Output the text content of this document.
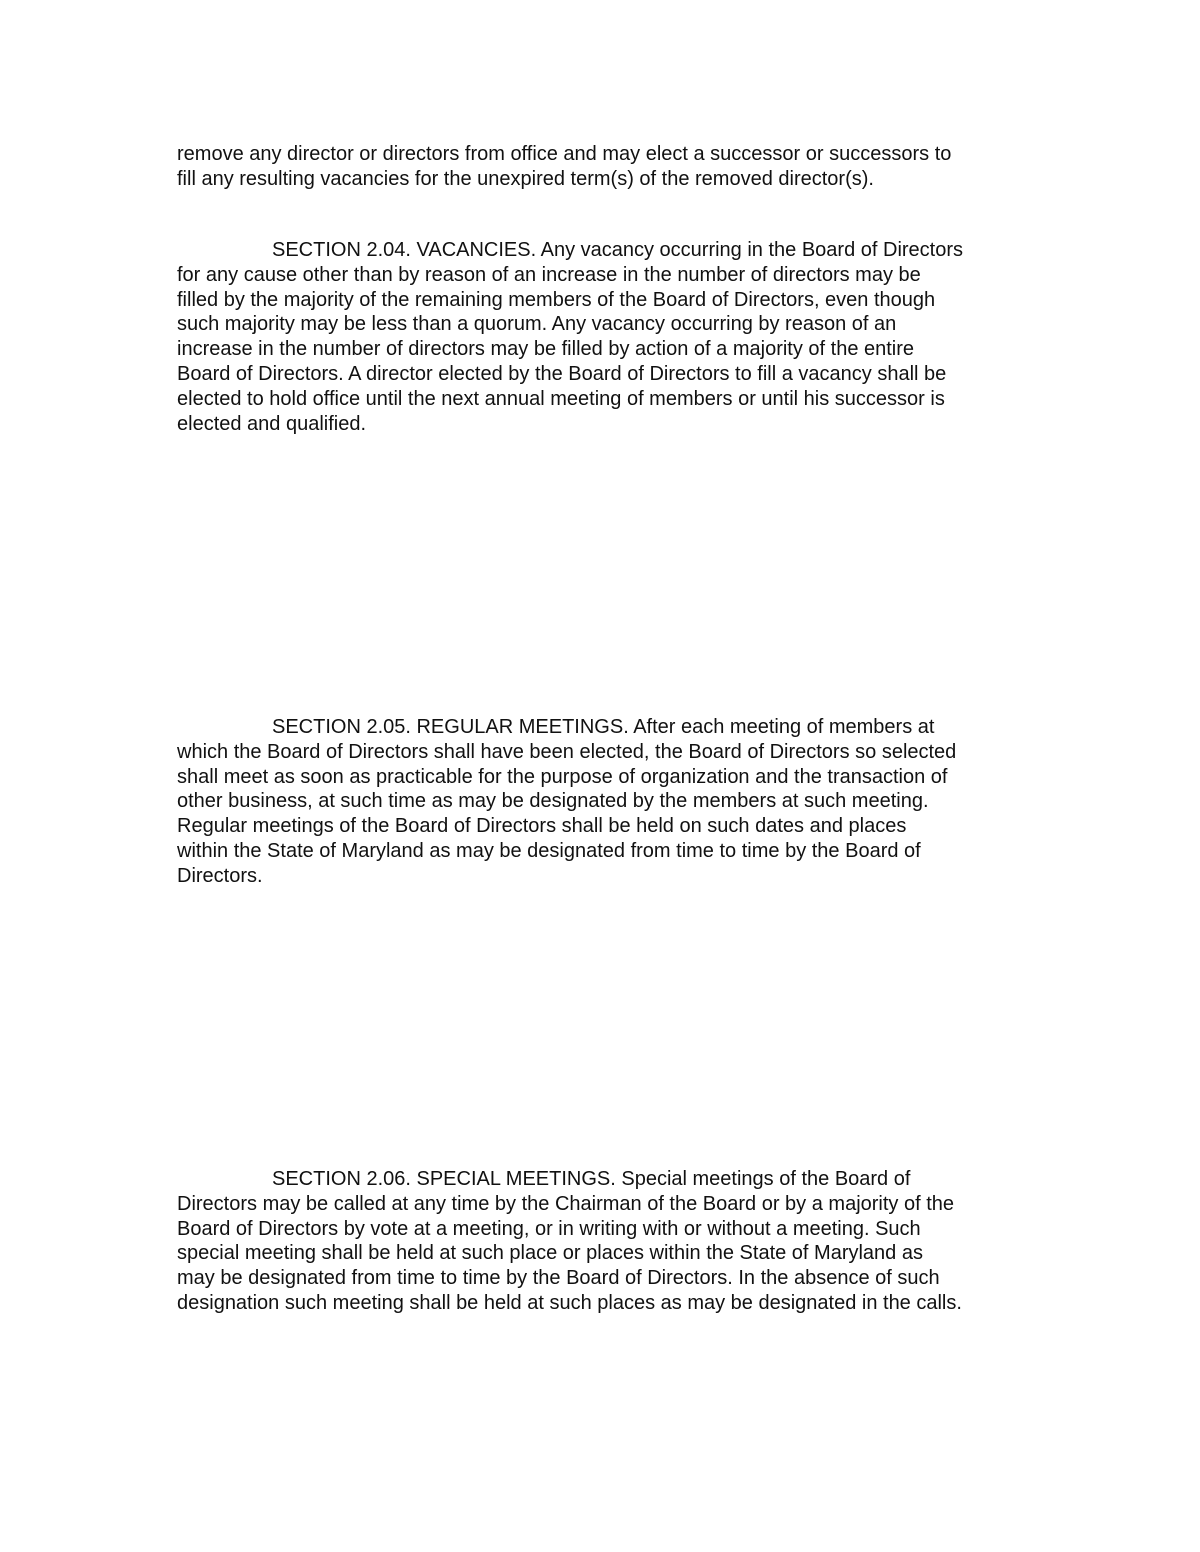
remove any director or directors from office and may elect a successor or successors to
fill any resulting vacancies for the unexpired term(s) of the removed director(s).

SECTION 2.04. VACANCIES. Any vacancy occurring in the Board of Directors
for any cause other than by reason of an increase in the number of directors may be
filled by the majority of the remaining members of the Board of Directors, even though
such majority may be less than a quorum. Any vacancy occurring by reason of an
increase in the number of directors may be filled by action of a majority of the entire
Board of Directors. A director elected by the Board of Directors to fill a vacancy shall be
elected to hold office until the next annual meeting of members or until his successor is
elected and qualified.

SECTION 2.05. REGULAR MEETINGS. After each meeting of members at
which the Board of Directors shall have been elected, the Board of Directors so selected
shall meet as soon as practicable for the purpose of organization and the transaction of
other business, at such time as may be designated by the members at such meeting.
Regular meetings of the Board of Directors shall be held on such dates and places
within the State of Maryland as may be designated from time to time by the Board of
Directors.

SECTION 2.06. SPECIAL MEETINGS. Special meetings of the Board of
Directors may be called at any time by the Chairman of the Board or by a majority of the
Board of Directors by vote at a meeting, or in writing with or without a meeting. Such
special meeting shall be held at such place or places within the State of Maryland as
may be designated from time to time by the Board of Directors. In the absence of such
designation such meeting shall be held at such places as may be designated in the calls.
